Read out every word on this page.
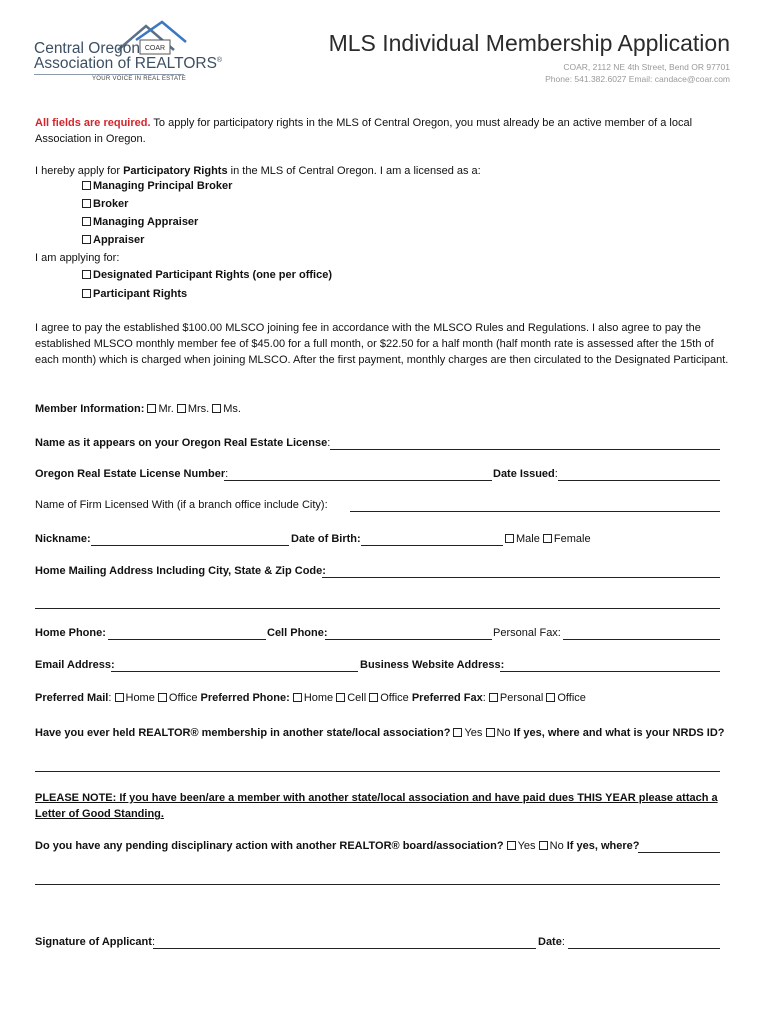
COAR
Central Oregon
Association of REALTORS®
YOUR VOICE IN REAL ESTATE
MLS Individual Membership Application
COAR, 2112 NE 4th Street, Bend OR 97701
Phone: 541.382.6027 Email: candace@coar.com
All fields are required. To apply for participatory rights in the MLS of Central Oregon, you must already be an active member of a local Association in Oregon.
I hereby apply for Participatory Rights in the MLS of Central Oregon. I am a licensed as a:
Managing Principal Broker
Broker
Managing Appraiser
Appraiser
I am applying for:
Designated Participant Rights (one per office)
Participant Rights
I agree to pay the established $100.00 MLSCO joining fee in accordance with the MLSCO Rules and Regulations. I also agree to pay the established MLSCO monthly member fee of $45.00 for a full month, or $22.50 for a half month (half month rate is assessed after the 15th of each month) which is charged when joining MLSCO. After the first payment, monthly charges are then circulated to the Designated Participant.
Member Information: Mr. Mrs. Ms.
Name as it appears on your Oregon Real Estate License:
Oregon Real Estate License Number:	Date Issued:
Name of Firm Licensed With (if a branch office include City):
Nickname:	Date of Birth:	Male Female
Home Mailing Address Including City, State & Zip Code:
Home Phone:	Cell Phone:	Personal Fax:
Email Address:	Business Website Address:
Preferred Mail: Home Office Preferred Phone: Home Cell Office Preferred Fax: Personal Office
Have you ever held REALTOR® membership in another state/local association? Yes No If yes, where and what is your NRDS ID?
PLEASE NOTE: If you have been/are a member with another state/local association and have paid dues THIS YEAR please attach a Letter of Good Standing.
Do you have any pending disciplinary action with another REALTOR® board/association? Yes No If yes, where?
Signature of Applicant:	Date:
